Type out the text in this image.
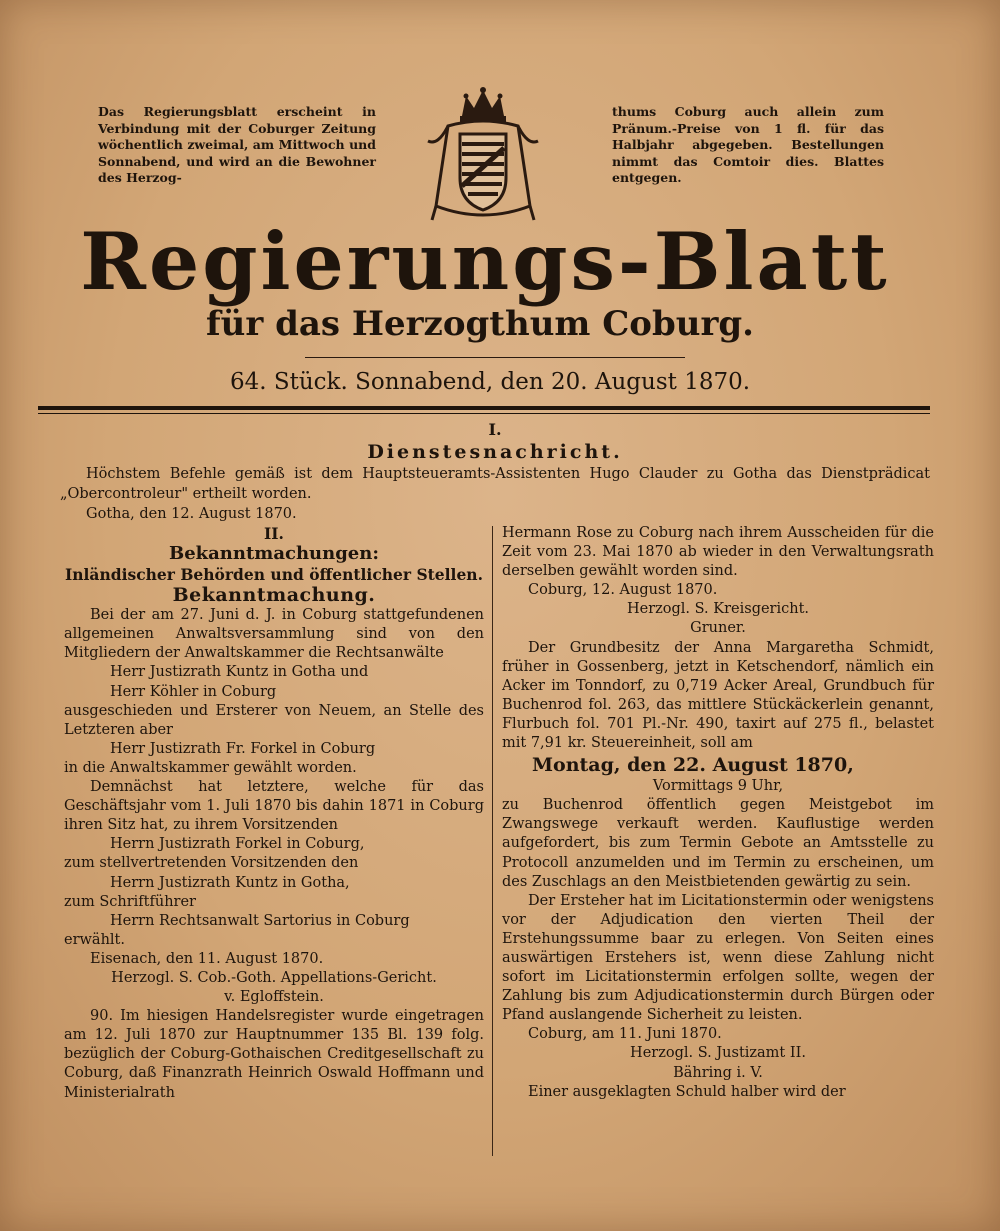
Das Regierungsblatt erscheint in Verbindung mit der Coburger Zeitung wöchentlich zweimal, am Mittwoch und Sonnabend, und wird an die Bewohner des Herzog-
thums Coburg auch allein zum Pränum.-Preise von 1 fl. für das Halbjahr abgegeben. Bestellungen nimmt das Comtoir dies. Blattes entgegen.
Regierungs-Blatt
für das Herzogthum Coburg.
64. Stück. Sonnabend, den 20. August 1870.
I.
Dienstesnachricht.

Höchstem Befehle gemäß ist dem Hauptsteueramts-Assistenten Hugo Clauder zu Gotha das Dienstprädicat „Obercontroleur" ertheilt worden.

Gotha, den 12. August 1870.

II.

Bekanntmachungen:

Inländischer Behörden und öffentlicher Stellen.

Bekanntmachung.

Bei der am 27. Juni d. J. in Coburg stattgefundenen allgemeinen Anwaltsversammlung sind von den Mitgliedern der Anwaltskammer die Rechtsanwälte

Herr Justizrath Kuntz in Gotha und

Herr Köhler in Coburg

ausgeschieden und Ersterer von Neuem, an Stelle des Letzteren aber

Herr Justizrath Fr. Forkel in Coburg

in die Anwaltskammer gewählt worden.

Demnächst hat letztere, welche für das Geschäftsjahr vom 1. Juli 1870 bis dahin 1871 in Coburg ihren Sitz hat, zu ihrem Vorsitzenden

Herrn Justizrath Forkel in Coburg,

zum stellvertretenden Vorsitzenden den

Herrn Justizrath Kuntz in Gotha,

zum Schriftführer

Herrn Rechtsanwalt Sartorius in Coburg

erwählt.

Eisenach, den 11. August 1870.

Herzogl. S. Cob.-Goth. Appellations-Gericht.

v. Egloffstein.

90. Im hiesigen Handelsregister wurde eingetragen am 12. Juli 1870 zur Hauptnummer 135 Bl. 139 folg. bezüglich der Coburg-Gothaischen Creditgesellschaft zu Coburg, daß Finanzrath Heinrich Oswald Hoffmann und Ministerialrath

Hermann Rose zu Coburg nach ihrem Ausscheiden für die Zeit vom 23. Mai 1870 ab wieder in den Verwaltungsrath derselben gewählt worden sind.

Coburg, 12. August 1870.

Herzogl. S. Kreisgericht.

Gruner.

Der Grundbesitz der Anna Margaretha Schmidt, früher in Gossenberg, jetzt in Ketschendorf, nämlich ein Acker im Tonndorf, zu 0,719 Acker Areal, Grundbuch für Buchenrod fol. 263, das mittlere Stückäckerlein genannt, Flurbuch fol. 701 Pl.-Nr. 490, taxirt auf 275 fl., belastet mit 7,91 kr. Steuereinheit, soll am

Montag, den 22. August 1870,

Vormittags 9 Uhr,

zu Buchenrod öffentlich gegen Meistgebot im Zwangswege verkauft werden. Kauflustige werden aufgefordert, bis zum Termin Gebote an Amtsstelle zu Protocoll anzumelden und im Termin zu erscheinen, um des Zuschlags an den Meistbietenden gewärtig zu sein.

Der Ersteher hat im Licitationstermin oder wenigstens vor der Adjudication den vierten Theil der Erstehungssumme baar zu erlegen. Von Seiten eines auswärtigen Erstehers ist, wenn diese Zahlung nicht sofort im Licitationstermin erfolgen sollte, wegen der Zahlung bis zum Adjudicationstermin durch Bürgen oder Pfand auslangende Sicherheit zu leisten.

Coburg, am 11. Juni 1870.

Herzogl. S. Justizamt II.

Bähring i. V.

Einer ausgeklagten Schuld halber wird der
